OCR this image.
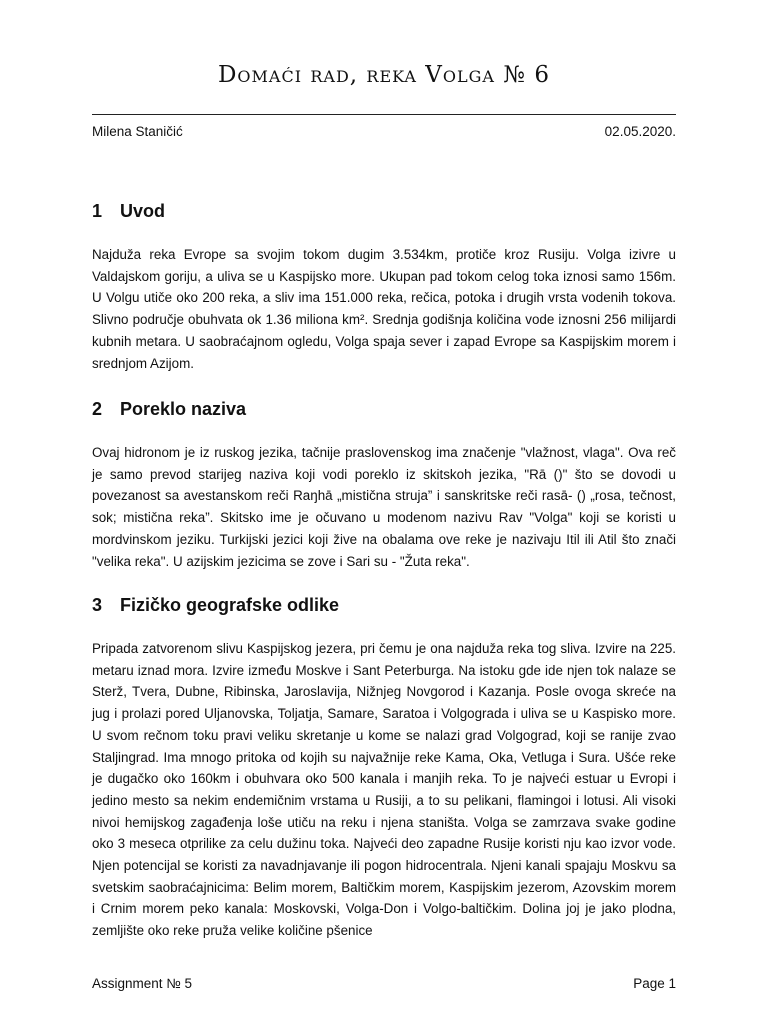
Domaći rad, reka Volga № 6
Milena Staničić	02.05.2020.
1 Uvod

Najduža reka Evrope sa svojim tokom dugim 3.534km, protiče kroz Rusiju. Volga izivre u Valdajskom goriju, a uliva se u Kaspijsko more. Ukupan pad tokom celog toka iznosi samo 156m. U Volgu utiče oko 200 reka, a sliv ima 151.000 reka, rečica, potoka i drugih vrsta vodenih tokova. Slivno područje obuhvata ok 1.36 miliona km². Srednja godišnja količina vode iznosni 256 milijardi kubnih metara. U saobraćajnom ogledu, Volga spaja sever i zapad Evrope sa Kaspijskim morem i srednjom Azijom.

2 Poreklo naziva

Ovaj hidronom je iz ruskog jezika, tačnije praslovenskog ima značenje "vlažnost, vlaga". Ova reč je samo prevod starijeg naziva koji vodi poreklo iz skitskoh jezika, "Rā ()" što se dovodi u povezanost sa avestanskom reči Raŋhā „mistična struja” i sanskritske reči rasā- () „rosa, tečnost, sok; mistična reka”. Skitsko ime je očuvano u modenom nazivu Rav "Volga" koji se koristi u mordvinskom jeziku. Turkijski jezici koji žive na obalama ove reke je nazivaju Itil ili Atil što znači "velika reka". U azijskim jezicima se zove i Sari su - "Žuta reka".

3 Fizičko geografske odlike

Pripada zatvorenom slivu Kaspijskog jezera, pri čemu je ona najduža reka tog sliva. Izvire na 225. metaru iznad mora. Izvire između Moskve i Sant Peterburga. Na istoku gde ide njen tok nalaze se Sterž, Tvera, Dubne, Ribinska, Jaroslavija, Nižnjeg Novgorod i Kazanja. Posle ovoga skreće na jug i prolazi pored Uljanovska, Toljatja, Samare, Saratoa i Volgograda i uliva se u Kaspisko more. U svom rečnom toku pravi veliku skretanje u kome se nalazi grad Volgograd, koji se ranije zvao Staljingrad. Ima mnogo pritoka od kojih su najvažnije reke Kama, Oka, Vetluga i Sura. Ušće reke je dugačko oko 160km i obuhvara oko 500 kanala i manjih reka. To je najveći estuar u Evropi i jedino mesto sa nekim endemičnim vrstama u Rusiji, a to su pelikani, flamingoi i lotusi. Ali visoki nivoi hemijskog zagađenja loše utiču na reku i njena staništa. Volga se zamrzava svake godine oko 3 meseca otprilike za celu dužinu toka. Najveći deo zapadne Rusije koristi nju kao izvor vode. Njen potencijal se koristi za navadnjavanje ili pogon hidrocentrala. Njeni kanali spajaju Moskvu sa svetskim saobraćajnicima: Belim morem, Baltičkim morem, Kaspijskim jezerom, Azovskim morem i Crnim morem peko kanala: Moskovski, Volga-Don i Volgo-baltičkim. Dolina joj je jako plodna, zemljište oko reke pruža velike količine pšenice

Assignment № 5	Page 1
